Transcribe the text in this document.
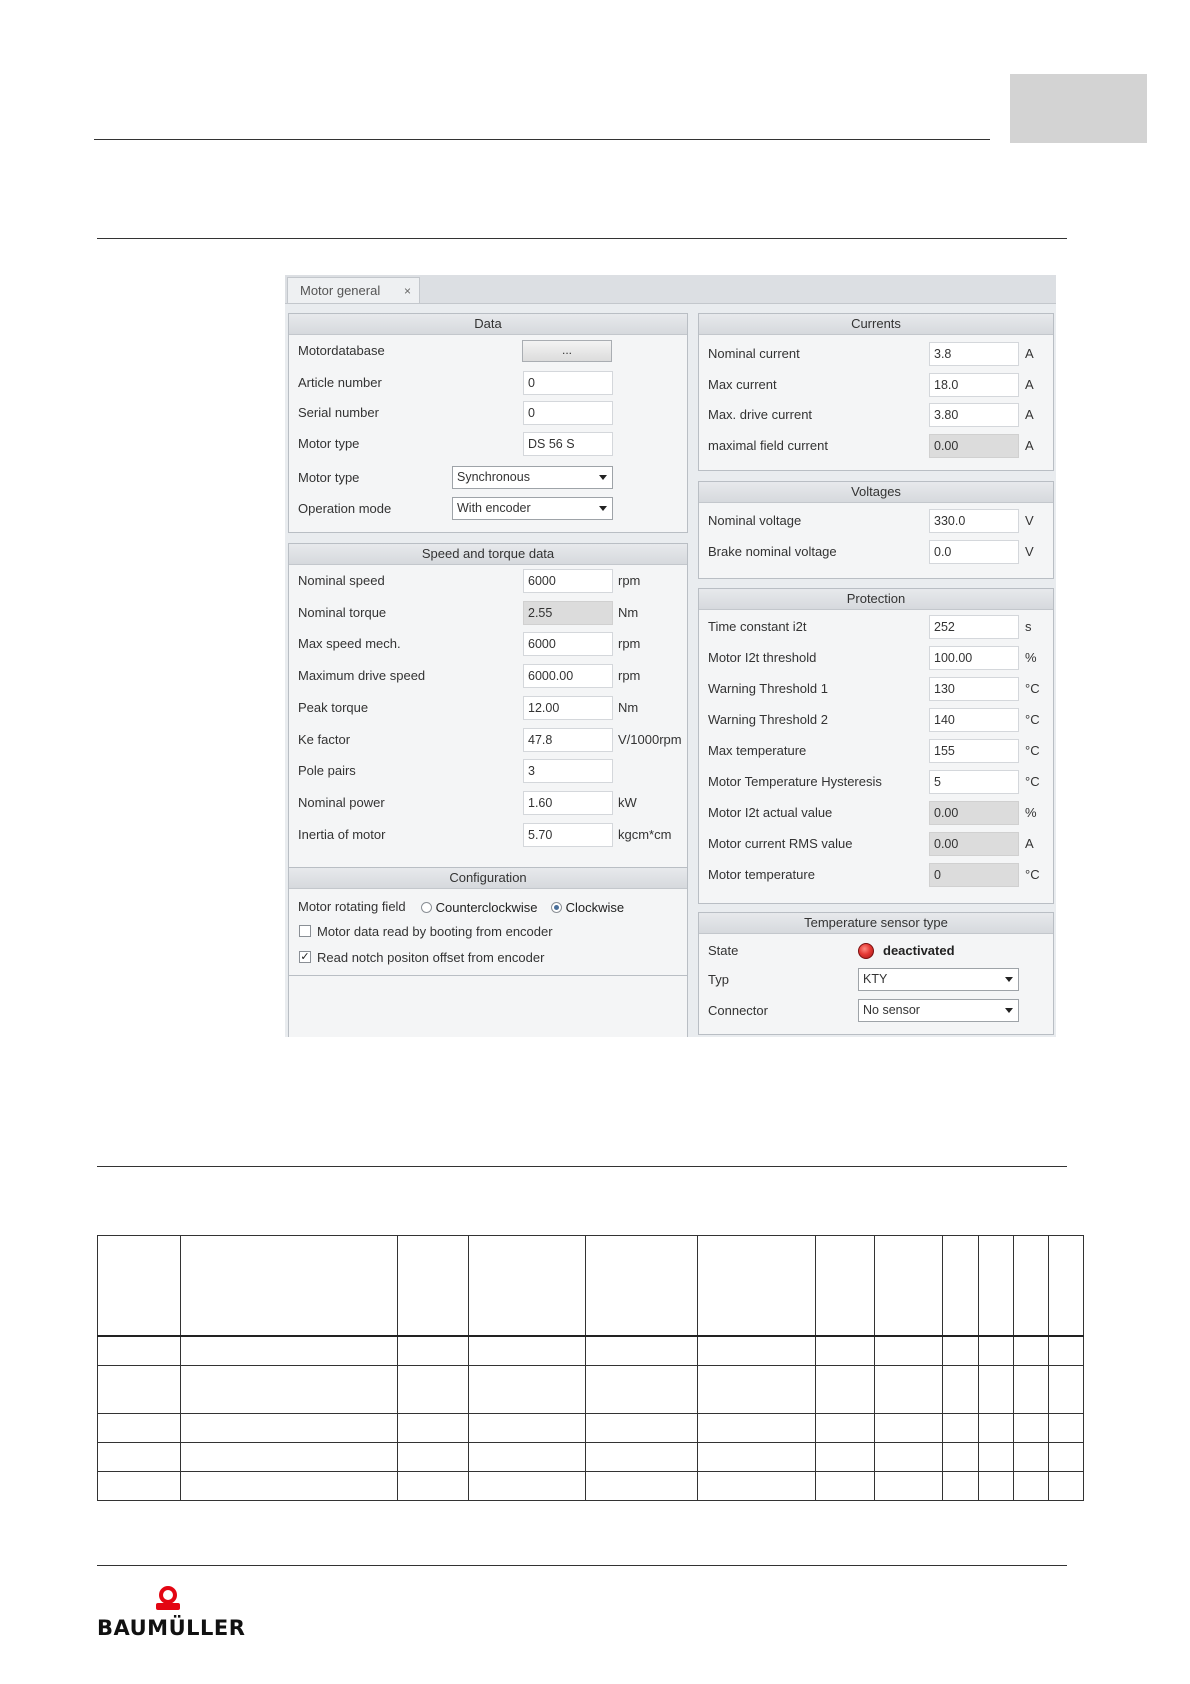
Motor general ×
Data
Motordatabase	...
Article number	0
Serial number	0
Motor type	DS 56 S
Motor type	Synchronous
Operation mode	With encoder
Speed and torque data
Nominal speed	6000	rpm
Nominal torque	2.55	Nm
Max speed mech.	6000	rpm
Maximum drive speed	6000.00	rpm
Peak torque	12.00	Nm
Ke factor	47.8	V/1000rpm
Pole pairs	3
Nominal power	1.60	kW
Inertia of motor	5.70	kgcm*cm
Configuration
Motor rotating field	Counterclockwise	Clockwise
Motor data read by booting from encoder
✓ Read notch positon offset from encoder
Currents
Nominal current	3.8	A
Max current	18.0	A
Max. drive current	3.80	A
maximal field current	0.00	A
Voltages
Nominal voltage	330.0	V
Brake nominal voltage	0.0	V
Protection
Time constant i2t	252	s
Motor I2t threshold	100.00	%
Warning Threshold 1	130	°C
Warning Threshold 2	140	°C
Max temperature	155	°C
Motor Temperature Hysteresis	5	°C
Motor I2t actual value	0.00	%
Motor current RMS value	0.00	A
Motor temperature	0	°C
Temperature sensor type
State	deactivated
Typ	KTY
Connector	No sensor

BAUMÜLLER
